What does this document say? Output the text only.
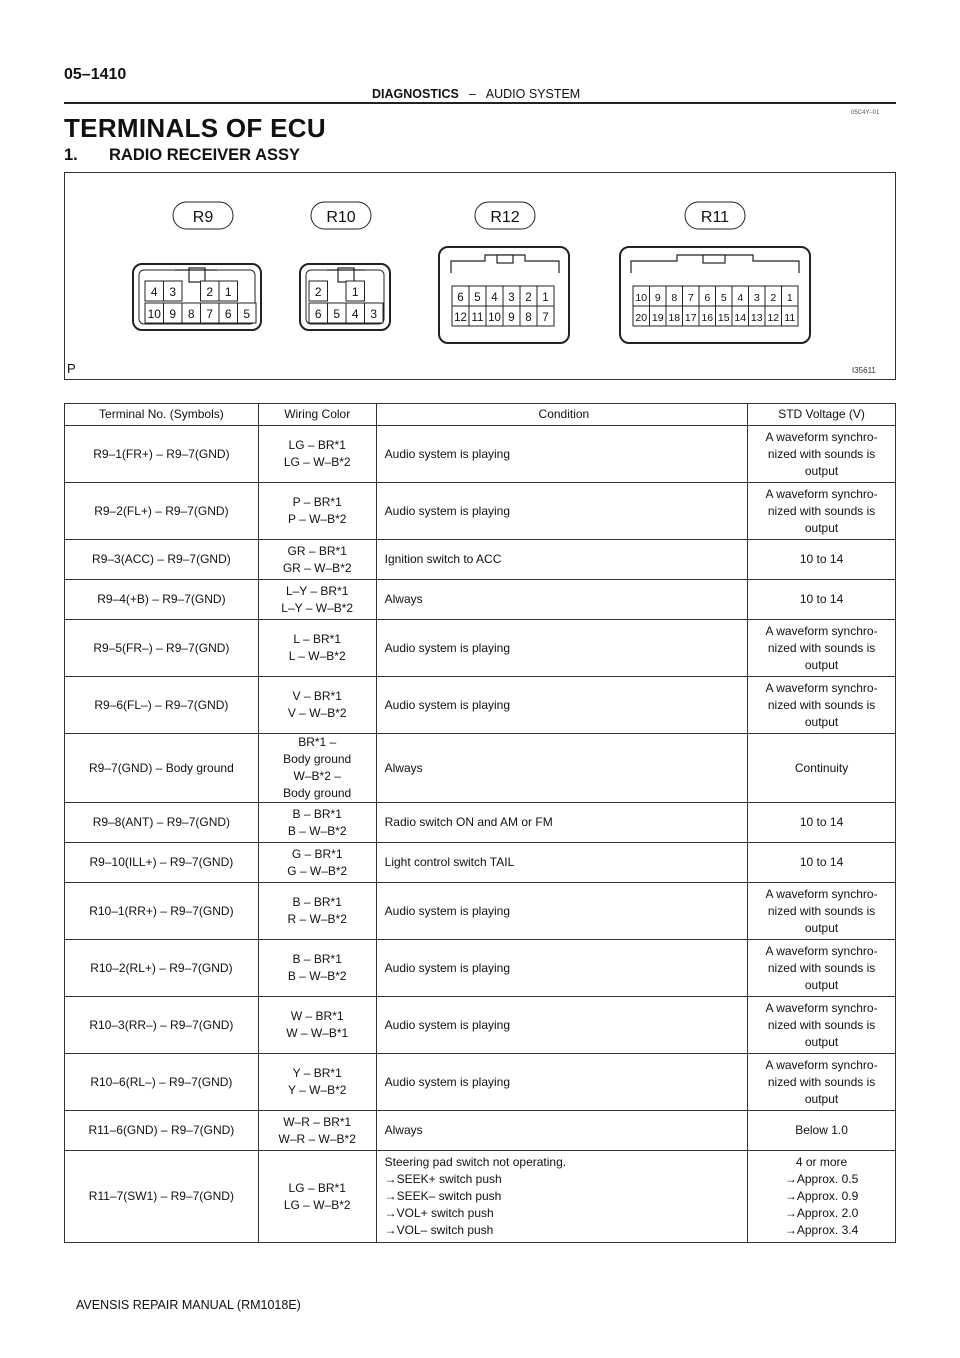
05–1410
DIAGNOSTICS – AUDIO SYSTEM
05C4Y–01
TERMINALS OF ECU
1. RADIO RECEIVER ASSY
R9
10 9 8 7 6 5
4 3	2 1
R10
6 5 4 3
2	1
R12
12 11 10 9 8 7
6 5 4 3 2 1
R11
20 19 18 17 16 15 14 13 12 11
10 9 8 7 6 5 4 3 2 1
P	I35611
Terminal No. (Symbols)	Wiring Color	Condition	STD Voltage (V)
R9–1(FR+) – R9–7(GND)	LG – BR*1
LG – W–B*2	Audio system is playing	A waveform synchro-
nized with sounds is
output

R9–2(FL+) – R9–7(GND)	P – BR*1
P – W–B*2	Audio system is playing	A waveform synchro-
nized with sounds is
output

R9–3(ACC) – R9–7(GND)	GR – BR*1
GR – W–B*2	Ignition switch to ACC	10 to 14

R9–4(+B) – R9–7(GND)	L–Y – BR*1
L–Y – W–B*2	Always	10 to 14

R9–5(FR–) – R9–7(GND)	L – BR*1
L – W–B*2	Audio system is playing	A waveform synchro-
nized with sounds is
output

R9–6(FL–) – R9–7(GND)	V – BR*1
V – W–B*2	Audio system is playing	A waveform synchro-
nized with sounds is
output

R9–7(GND) – Body ground	BR*1 –
Body ground
W–B*2 –
Body ground	Always	Continuity

R9–8(ANT) – R9–7(GND)	B – BR*1
B – W–B*2	Radio switch ON and AM or FM	10 to 14

R9–10(ILL+) – R9–7(GND)	G – BR*1
G – W–B*2	Light control switch TAIL	10 to 14

R10–1(RR+) – R9–7(GND)	B – BR*1
R – W–B*2	Audio system is playing	A waveform synchro-
nized with sounds is
output

R10–2(RL+) – R9–7(GND)	B – BR*1
B – W–B*2	Audio system is playing	A waveform synchro-
nized with sounds is
output

R10–3(RR–) – R9–7(GND)	W – BR*1
W – W–B*1	Audio system is playing	A waveform synchro-
nized with sounds is
output

R10–6(RL–) – R9–7(GND)	Y – BR*1
Y – W–B*2	Audio system is playing	A waveform synchro-
nized with sounds is
output

R11–6(GND) – R9–7(GND)	W–R – BR*1
W–R – W–B*2	Always	Below 1.0

R11–7(SW1) – R9–7(GND)	LG – BR*1
LG – W–B*2	Steering pad switch not operating.
→SEEK+ switch push
→SEEK– switch push
→VOL+ switch push
→VOL– switch push	4 or more
→Approx. 0.5
→Approx. 0.9
→Approx. 2.0
→Approx. 3.4
AVENSIS REPAIR MANUAL (RM1018E)
